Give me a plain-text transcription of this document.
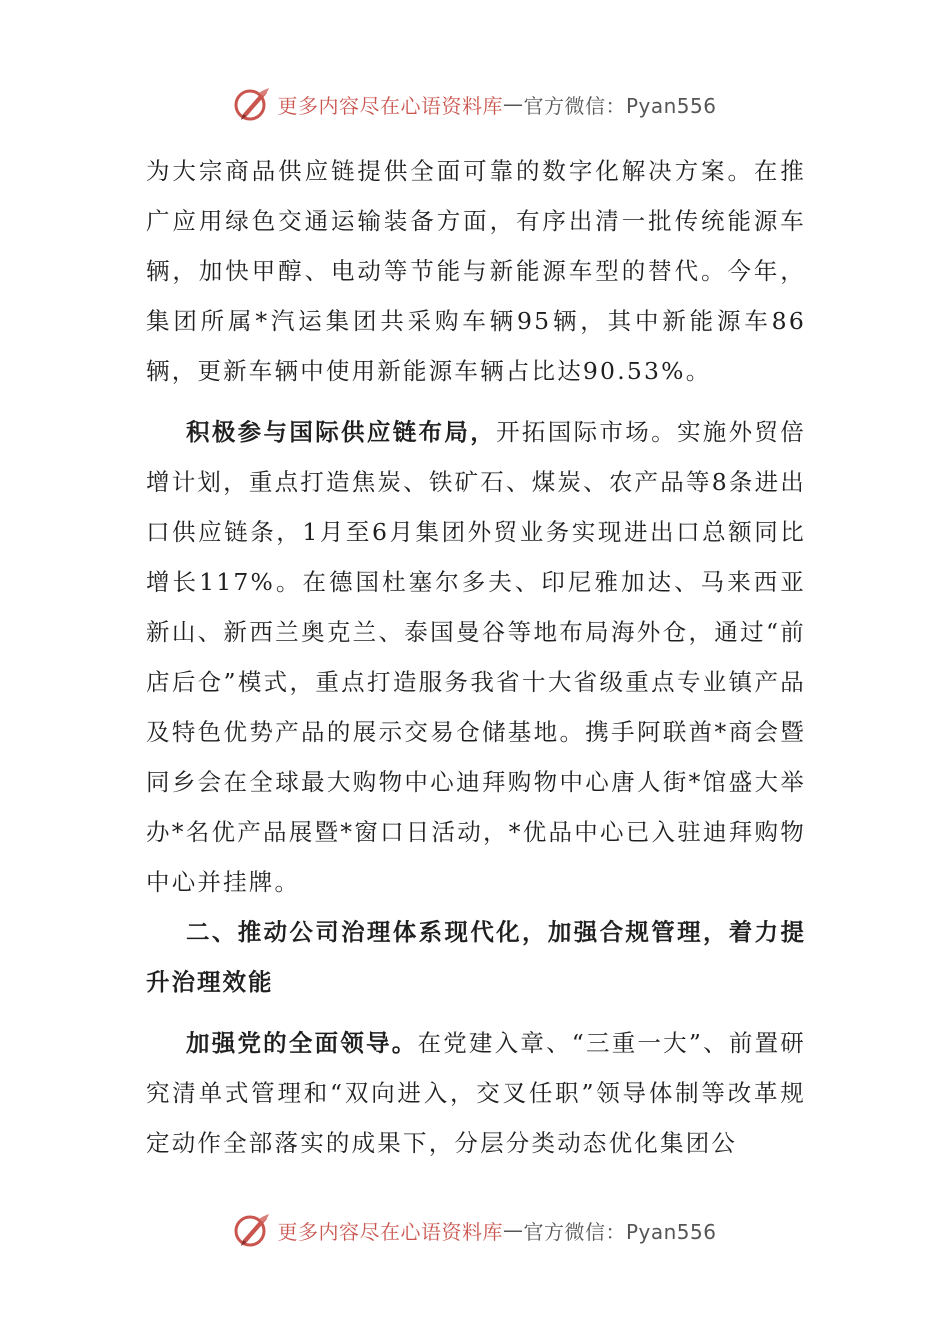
更多内容尽在心语资料库 — 官方微信：Pyan556

为大宗商品供应链提供全面可靠的数字化解决方案。在推广应用绿色交通运输装备方面，有序出清一批传统能源车辆，加快甲醇、电动等节能与新能源车型的替代。今年，集团所属*汽运集团共采购车辆95辆，其中新能源车86辆，更新车辆中使用新能源车辆占比达90.53%。

积极参与国际供应链布局，开拓国际市场。实施外贸倍增计划，重点打造焦炭、铁矿石、煤炭、农产品等8条进出口供应链条，1月至6月集团外贸业务实现进出口总额同比增长117%。在德国杜塞尔多夫、印尼雅加达、马来西亚新山、新西兰奥克兰、泰国曼谷等地布局海外仓，通过“前店后仓”模式，重点打造服务我省十大省级重点专业镇产品及特色优势产品的展示交易仓储基地。携手阿联酋*商会暨同乡会在全球最大购物中心迪拜购物中心唐人街*馆盛大举办*名优产品展暨*窗口日活动，*优品中心已入驻迪拜购物中心并挂牌。

二、推动公司治理体系现代化，加强合规管理，着力提升治理效能

加强党的全面领导。在党建入章、“三重一大”、前置研究清单式管理和“双向进入，交叉任职”领导体制等改革规定动作全部落实的成果下，分层分类动态优化集团公

更多内容尽在心语资料库 — 官方微信：Pyan556
